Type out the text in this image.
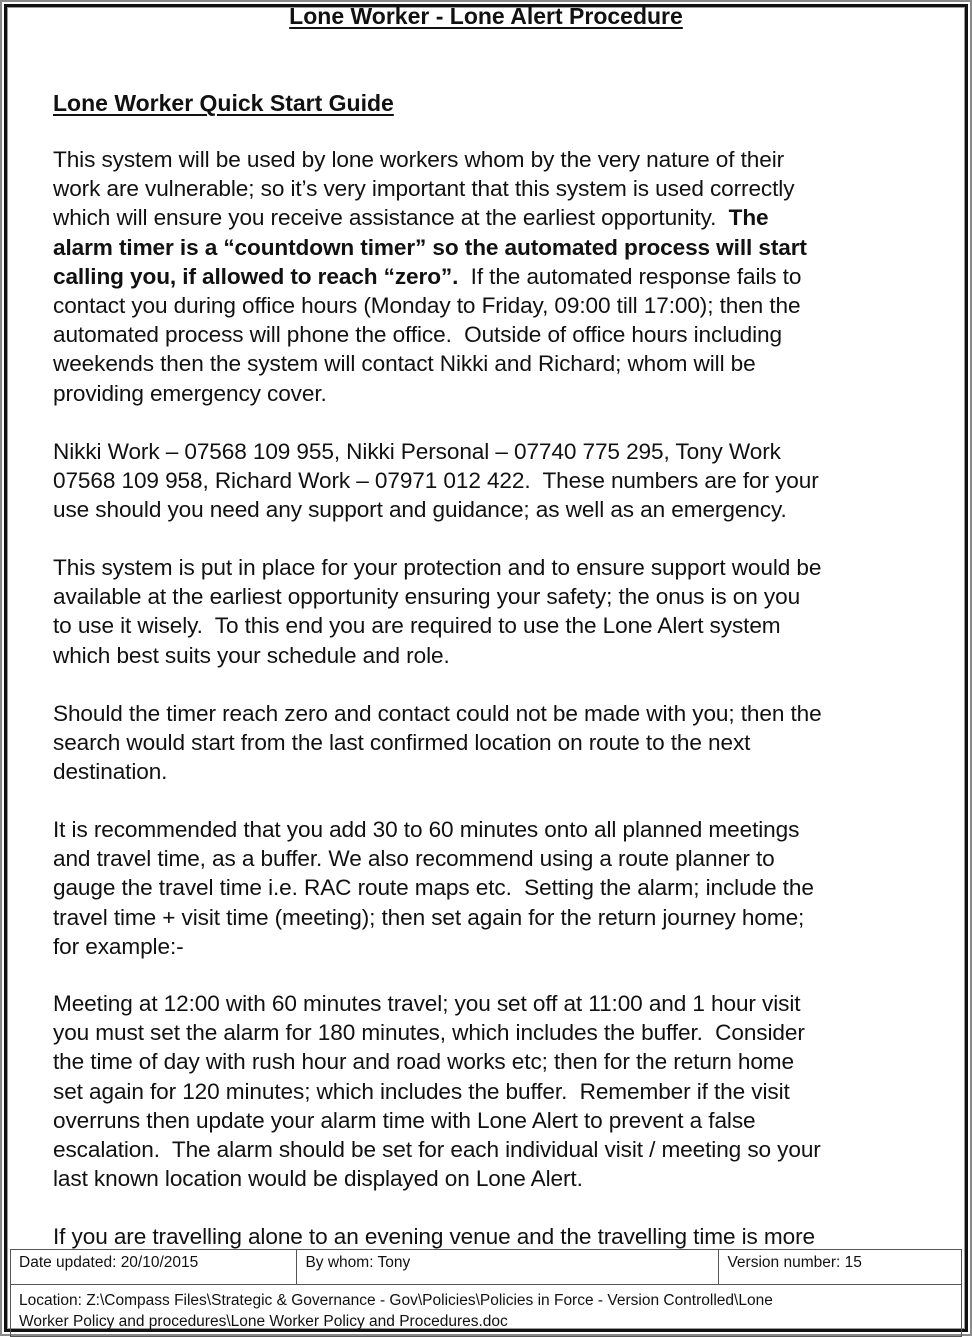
Lone Worker - Lone Alert Procedure
Lone Worker Quick Start Guide
This system will be used by lone workers whom by the very nature of their
work are vulnerable; so it’s very important that this system is used correctly
which will ensure you receive assistance at the earliest opportunity.  The
alarm timer is a “countdown timer” so the automated process will start
calling you, if allowed to reach “zero”.  If the automated response fails to
contact you during office hours (Monday to Friday, 09:00 till 17:00); then the
automated process will phone the office.  Outside of office hours including
weekends then the system will contact Nikki and Richard; whom will be
providing emergency cover.
Nikki Work – 07568 109 955, Nikki Personal – 07740 775 295, Tony Work
07568 109 958, Richard Work – 07971 012 422.  These numbers are for your
use should you need any support and guidance; as well as an emergency.
This system is put in place for your protection and to ensure support would be
available at the earliest opportunity ensuring your safety; the onus is on you
to use it wisely.  To this end you are required to use the Lone Alert system
which best suits your schedule and role.
Should the timer reach zero and contact could not be made with you; then the
search would start from the last confirmed location on route to the next
destination.
It is recommended that you add 30 to 60 minutes onto all planned meetings
and travel time, as a buffer. We also recommend using a route planner to
gauge the travel time i.e. RAC route maps etc.  Setting the alarm; include the
travel time + visit time (meeting); then set again for the return journey home;
for example:-
Meeting at 12:00 with 60 minutes travel; you set off at 11:00 and 1 hour visit
you must set the alarm for 180 minutes, which includes the buffer.  Consider
the time of day with rush hour and road works etc; then for the return home
set again for 120 minutes; which includes the buffer.  Remember if the visit
overruns then update your alarm time with Lone Alert to prevent a false
escalation.  The alarm should be set for each individual visit / meeting so your
last known location would be displayed on Lone Alert.
If you are travelling alone to an evening venue and the travelling time is more
Date updated: 20/10/2015	By whom: Tony	Version number: 15

Location: Z:\Compass Files\Strategic & Governance - Gov\Policies\Policies in Force - Version Controlled\Lone
Worker Policy and procedures\Lone Worker Policy and Procedures.doc
